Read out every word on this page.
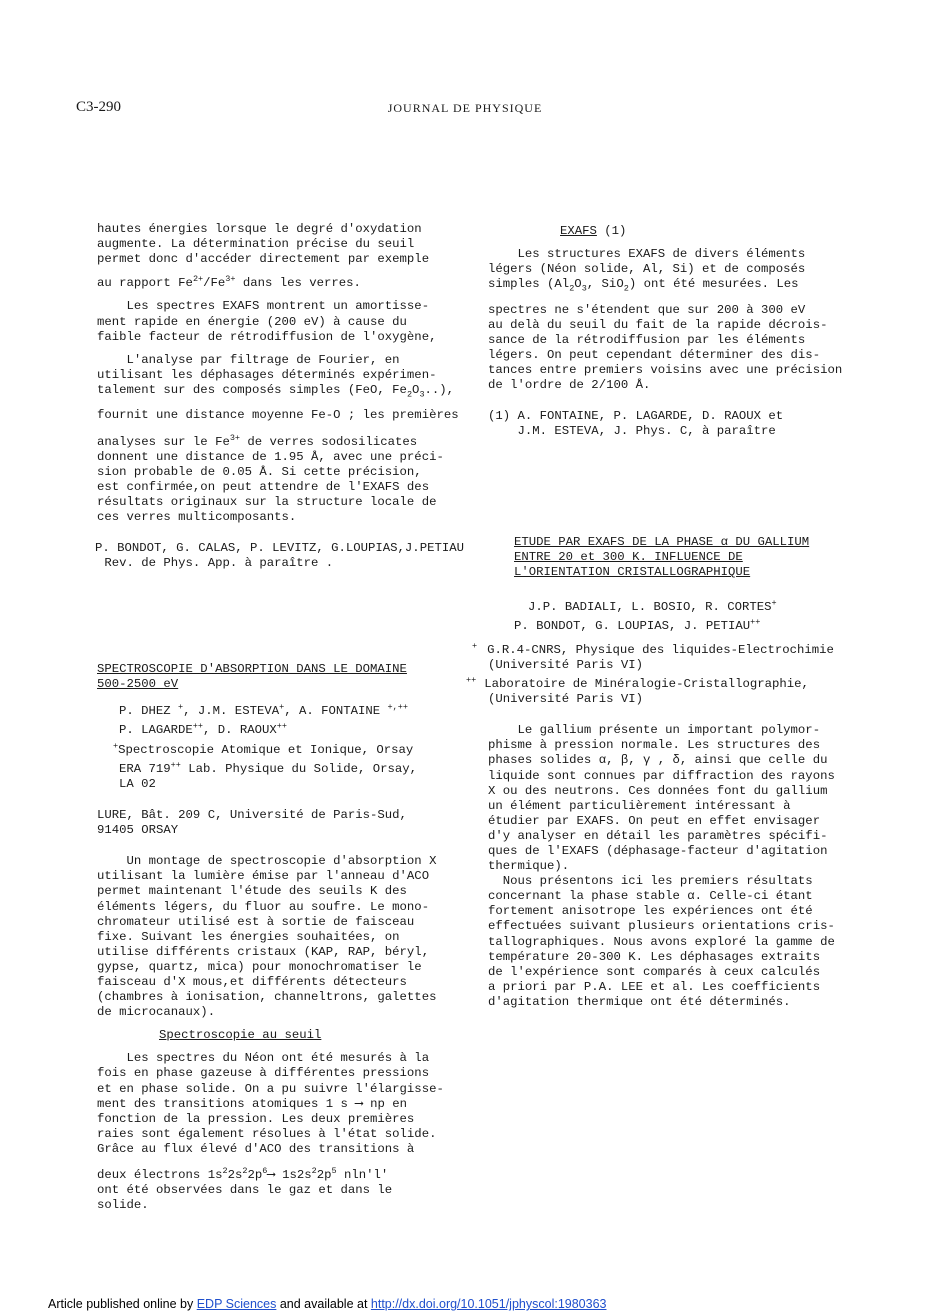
C3-290	JOURNAL DE PHYSIQUE

hautes énergies lorsque le degré d'oxydation

augmente. La détermination précise du seuil

permet donc d'accéder directement par exemple

au rapport $Fe^{2+}/Fe^{3+}$ dans les verres.

Les spectres EXAFS montrent un amortisse-

ment rapide en énergie (200 eV) à cause du

faible facteur de rétrodiffusion de l'oxygène,

L'analyse par filtrage de Fourier, en

utilisant les déphasages déterminés expérimen-

talement sur des composés simples (FeO, $Fe_2O_3$..),

fournit une distance moyenne Fe-O ; les premières

analyses sur le $Fe^{3+}$ de verres sodosilicates

donnent une distance de 1.95 Å, avec une préci-

sion probable de 0.05 Å. Si cette précision,

est confirmée,on peut attendre de l'EXAFS des

résultats originaux sur la structure locale de

ces verres multicomposants.

P. BONDOT, G. CALAS, P. LEVITZ, G.LOUPIAS,J.PETIAU

Rev. de Phys. App. à paraître .

SPECTROSCOPIE D'ABSORPTION DANS LE DOMAINE

500-2500 eV

P. DHEZ +, J.M. ESTEVA+, A. FONTAINE +,++

P. LAGARDE++, D. RAOUX++

+Spectroscopie Atomique et Ionique, Orsay

ERA 719++ Lab. Physique du Solide, Orsay,

LA 02

LURE, Bât. 209 C, Université de Paris-Sud,

91405 ORSAY

Un montage de spectroscopie d'absorption X

utilisant la lumière émise par l'anneau d'ACO

permet maintenant l'étude des seuils K des

éléments légers, du fluor au soufre. Le mono-

chromateur utilisé est à sortie de faisceau

fixe. Suivant les énergies souhaitées, on

utilise différents cristaux (KAP, RAP, béryl,

gypse, quartz, mica) pour monochromatiser le

faisceau d'X mous,et différents détecteurs

(chambres à ionisation, channeltrons, galettes

de microcanaux).

Spectroscopie au seuil

Les spectres du Néon ont été mesurés à la

fois en phase gazeuse à différentes pressions

et en phase solide. On a pu suivre l'élargisse-

ment des transitions atomiques 1 s ⟶ np en

fonction de la pression. Les deux premières

raies sont également résolues à l'état solide.

Grâce au flux élevé d'ACO des transitions à

deux électrons $1s^22s^22p^6⟶$ $1s2s^22p^5$ nln'l'

ont été observées dans le gaz et dans le

solide.

EXAFS (1)

Les structures EXAFS de divers éléments

légers (Néon solide, Al, Si) et de composés

simples ($Al_2O_3$, SiO$_2$) ont été mesurées. Les

spectres ne s'étendent que sur 200 à 300 eV

au delà du seuil du fait de la rapide décrois-

sance de la rétrodiffusion par les éléments

légers. On peut cependant déterminer des dis-

tances entre premiers voisins avec une précision

de l'ordre de 2/100 Å.

(1) A. FONTAINE, P. LAGARDE, D. RAOUX et

J.M. ESTEVA, J. Phys. C, à paraître

ETUDE PAR EXAFS DE LA PHASE α DU GALLIUM

ENTRE 20 et 300 K. INFLUENCE DE

L'ORIENTATION CRISTALLOGRAPHIQUE

J.P. BADIALI, L. BOSIO, R. CORTES+

P. BONDOT, G. LOUPIAS, J. PETIAU++

+ G.R.4-CNRS, Physique des liquides-Electrochimie

(Université Paris VI)

++ Laboratoire de Minéralogie-Cristallographie,

(Université Paris VI)

Le gallium présente un important polymor-

phisme à pression normale. Les structures des

phases solides α, β, γ , δ, ainsi que celle du

liquide sont connues par diffraction des rayons

X ou des neutrons. Ces données font du gallium

un élément particulièrement intéressant à

étudier par EXAFS. On peut en effet envisager

d'y analyser en détail les paramètres spécifi-

ques de l'EXAFS (déphasage-facteur d'agitation

thermique).

Nous présentons ici les premiers résultats

concernant la phase stable α. Celle-ci étant

fortement anisotrope les expériences ont été

effectuées suivant plusieurs orientations cris-

tallographiques. Nous avons exploré la gamme de

température 20-300 K. Les déphasages extraits

de l'expérience sont comparés à ceux calculés

a priori par P.A. LEE et al. Les coefficients

d'agitation thermique ont été déterminés.

Article published online by EDP Sciences and available at http://dx.doi.org/10.1051/jphyscol:1980363
